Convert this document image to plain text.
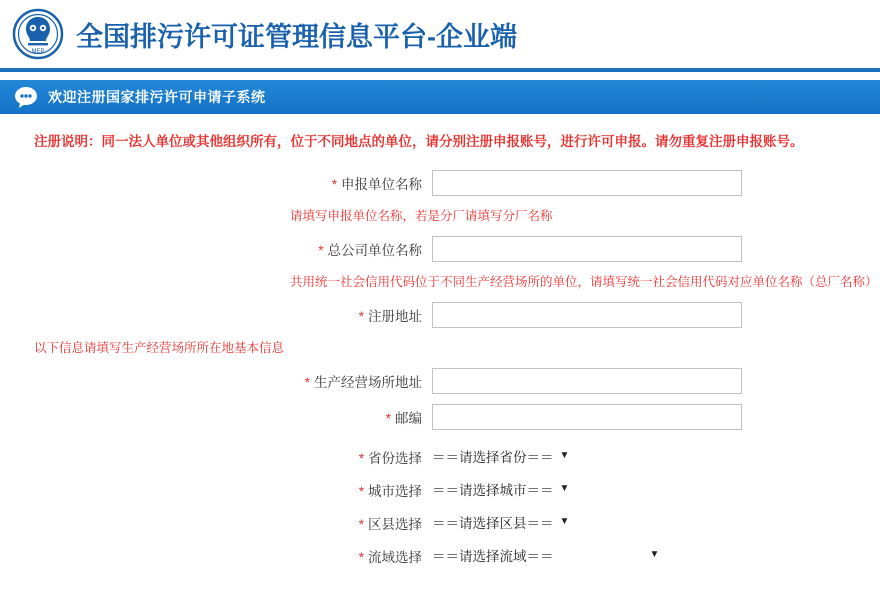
MEP
全国排污许可证管理信息平台-企业端
欢迎注册国家排污许可申请子系统
注册说明：同一法人单位或其他组织所有，位于不同地点的单位，请分别注册申报账号，进行许可申报。请勿重复注册申报账号。
* 申报单位名称
请填写申报单位名称，若是分厂请填写分厂名称
* 总公司单位名称
共用统一社会信用代码位于不同生产经营场所的单位，请填写统一社会信用代码对应单位名称（总厂名称）
* 注册地址
以下信息请填写生产经营场所所在地基本信息
* 生产经营场所地址
* 邮编
* 省份选择 ＝＝请选择省份＝＝ ▼
* 城市选择 ＝＝请选择城市＝＝ ▼
* 区县选择 ＝＝请选择区县＝＝ ▼
* 流域选择 ＝＝请选择流域＝＝	▼
